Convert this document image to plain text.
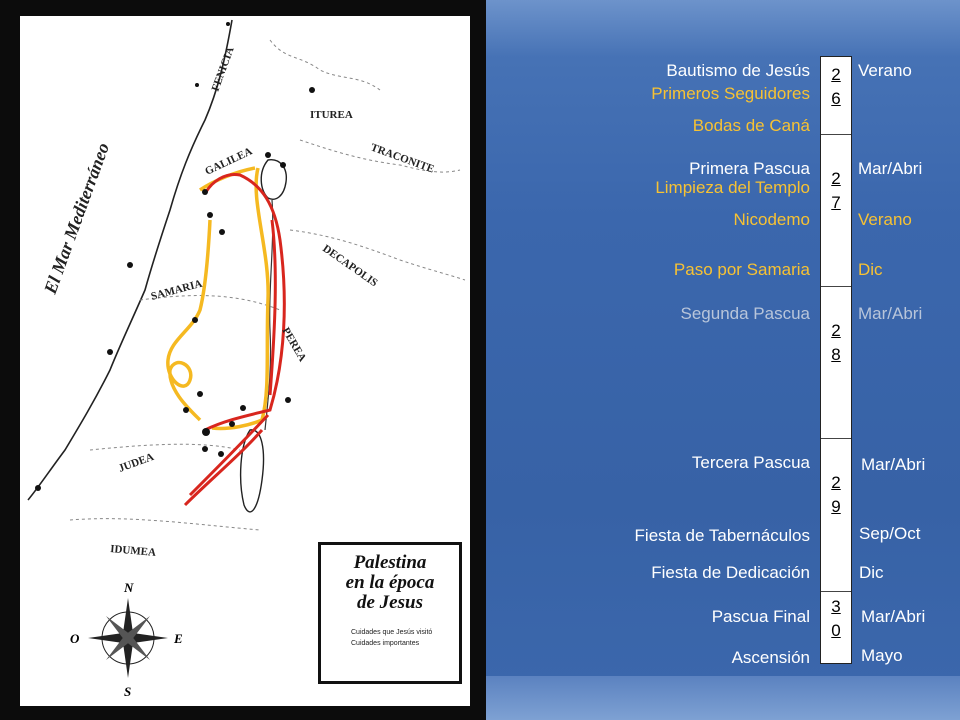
FENICIA
ITUREA
GALILEA	TRACONITE
DECAPOLIS
SAMARIA
PEREA
JUDEA
IDUMEA
El Mar Mediterráneo
N
S
O	E
Palestina
en la época
de Jesus
Cuidades que Jesús visitó
Cuidades importantes
2
6
2
7
2
8
2
9
3
0
Bautismo de Jesús
Primeros Seguidores
Bodas de Caná
Primera Pascua
Limpieza del Templo
Nicodemo
Paso por Samaria
Segunda Pascua
Tercera Pascua
Fiesta de Tabernáculos
Fiesta de Dedicación
Pascua Final
Ascensión
Verano
Mar/Abri
Verano
Dic
Mar/Abri
Mar/Abri
Sep/Oct
Dic
Mar/Abri
Mayo
